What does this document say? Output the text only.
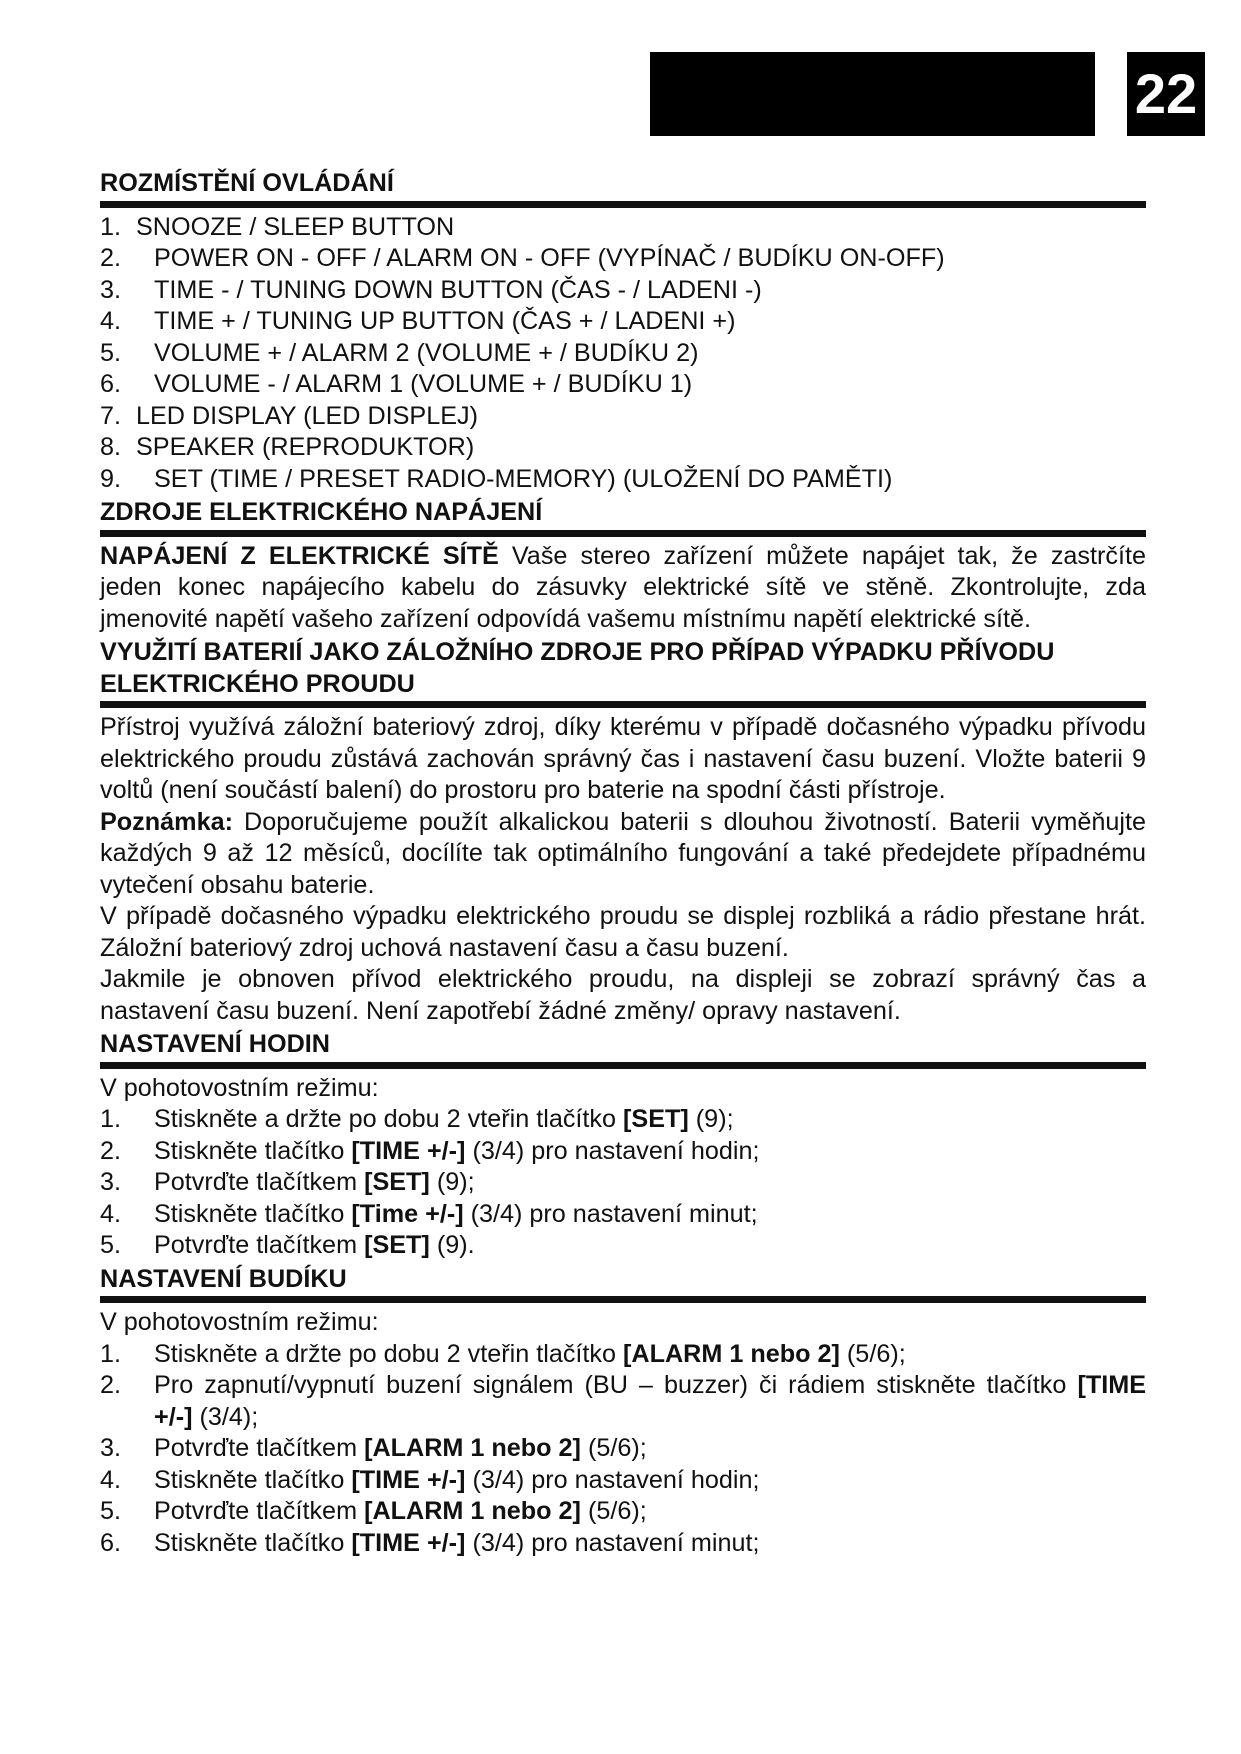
22
ROZMÍSTĚNÍ OVLÁDÁNÍ
1. SNOOZE / SLEEP BUTTON
2.	POWER ON - OFF / ALARM ON - OFF (VYPÍNAČ / BUDÍKU ON-OFF)
3.	TIME - / TUNING DOWN BUTTON (ČAS - / LADENI -)
4.	TIME + / TUNING UP BUTTON (ČAS + / LADENI +)
5.	VOLUME + / ALARM 2 (VOLUME + / BUDÍKU 2)
6.	VOLUME - / ALARM 1 (VOLUME + / BUDÍKU 1)
7. LED DISPLAY (LED DISPLEJ)
8. SPEAKER (REPRODUKTOR)
9.	SET (TIME / PRESET RADIO-MEMORY) (ULOŽENÍ DO PAMĚTI)
ZDROJE ELEKTRICKÉHO NAPÁJENÍ
NAPÁJENÍ Z ELEKTRICKÉ SÍTĚ Vaše stereo zařízení můžete napájet tak, že zastrčíte jeden konec napájecího kabelu do zásuvky elektrické sítě ve stěně. Zkontrolujte, zda jmenovité napětí vašeho zařízení odpovídá vašemu místnímu napětí elektrické sítě.
VYUŽITÍ BATERIÍ JAKO ZÁLOŽNÍHO ZDROJE PRO PŘÍPAD VÝPADKU PŘÍVODU
ELEKTRICKÉHO PROUDU
Přístroj využívá záložní bateriový zdroj, díky kterému v případě dočasného výpadku přívodu elektrického proudu zůstává zachován správný čas i nastavení času buzení. Vložte baterii 9 voltů (není součástí balení) do prostoru pro baterie na spodní části přístroje.
Poznámka: Doporučujeme použít alkalickou baterii s dlouhou životností. Baterii vyměňujte každých 9 až 12 měsíců, docílíte tak optimálního fungování a také předejdete případnému vytečení obsahu baterie.
V případě dočasného výpadku elektrického proudu se displej rozbliká a rádio přestane hrát. Záložní bateriový zdroj uchová nastavení času a času buzení.
Jakmile je obnoven přívod elektrického proudu, na displeji se zobrazí správný čas a nastavení času buzení. Není zapotřebí žádné změny/ opravy nastavení.
NASTAVENÍ HODIN
V pohotovostním režimu:
1.	Stiskněte a držte po dobu 2 vteřin tlačítko [SET] (9);
2.	Stiskněte tlačítko [TIME +/-] (3/4) pro nastavení hodin;
3.	Potvrďte tlačítkem [SET] (9);
4.	Stiskněte tlačítko [Time +/-] (3/4) pro nastavení minut;
5.	Potvrďte tlačítkem [SET] (9).
NASTAVENÍ BUDÍKU
V pohotovostním režimu:
1.	Stiskněte a držte po dobu 2 vteřin tlačítko [ALARM 1 nebo 2] (5/6);
2.	Pro zapnutí/vypnutí buzení signálem (BU – buzzer) či rádiem stiskněte tlačítko [TIME +/-] (3/4);
3.	Potvrďte tlačítkem [ALARM 1 nebo 2] (5/6);
4.	Stiskněte tlačítko [TIME +/-] (3/4) pro nastavení hodin;
5.	Potvrďte tlačítkem [ALARM 1 nebo 2] (5/6);
6.	Stiskněte tlačítko [TIME +/-] (3/4) pro nastavení minut;
